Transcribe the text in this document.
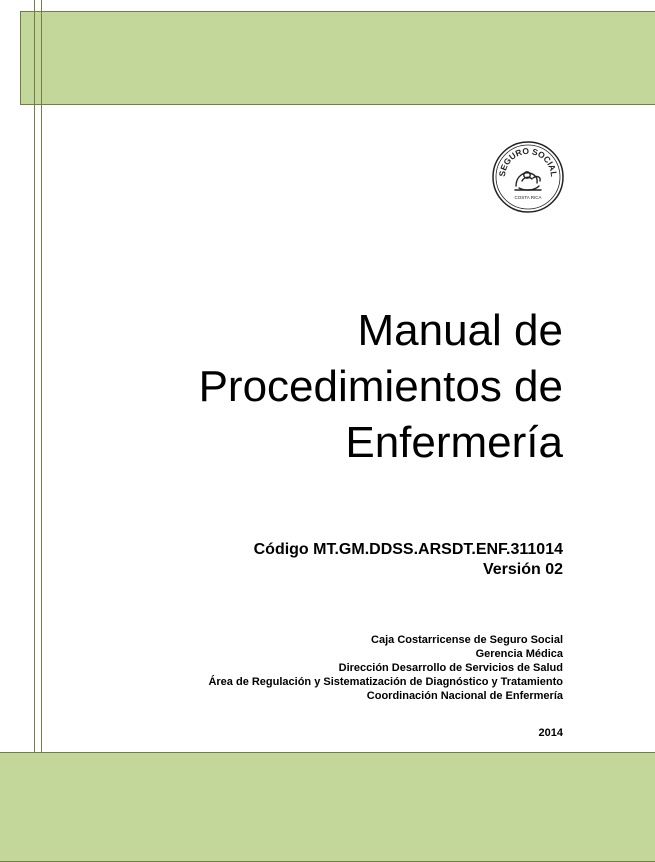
SEGURO SOCIAL
COSTA RICA
Manual de
Procedimientos de
Enfermería
Código MT.GM.DDSS.ARSDT.ENF.311014
Versión 02
Caja Costarricense de Seguro Social
Gerencia Médica
Dirección Desarrollo de Servicios de Salud
Área de Regulación y Sistematización de Diagnóstico y Tratamiento
Coordinación Nacional de Enfermería
2014
